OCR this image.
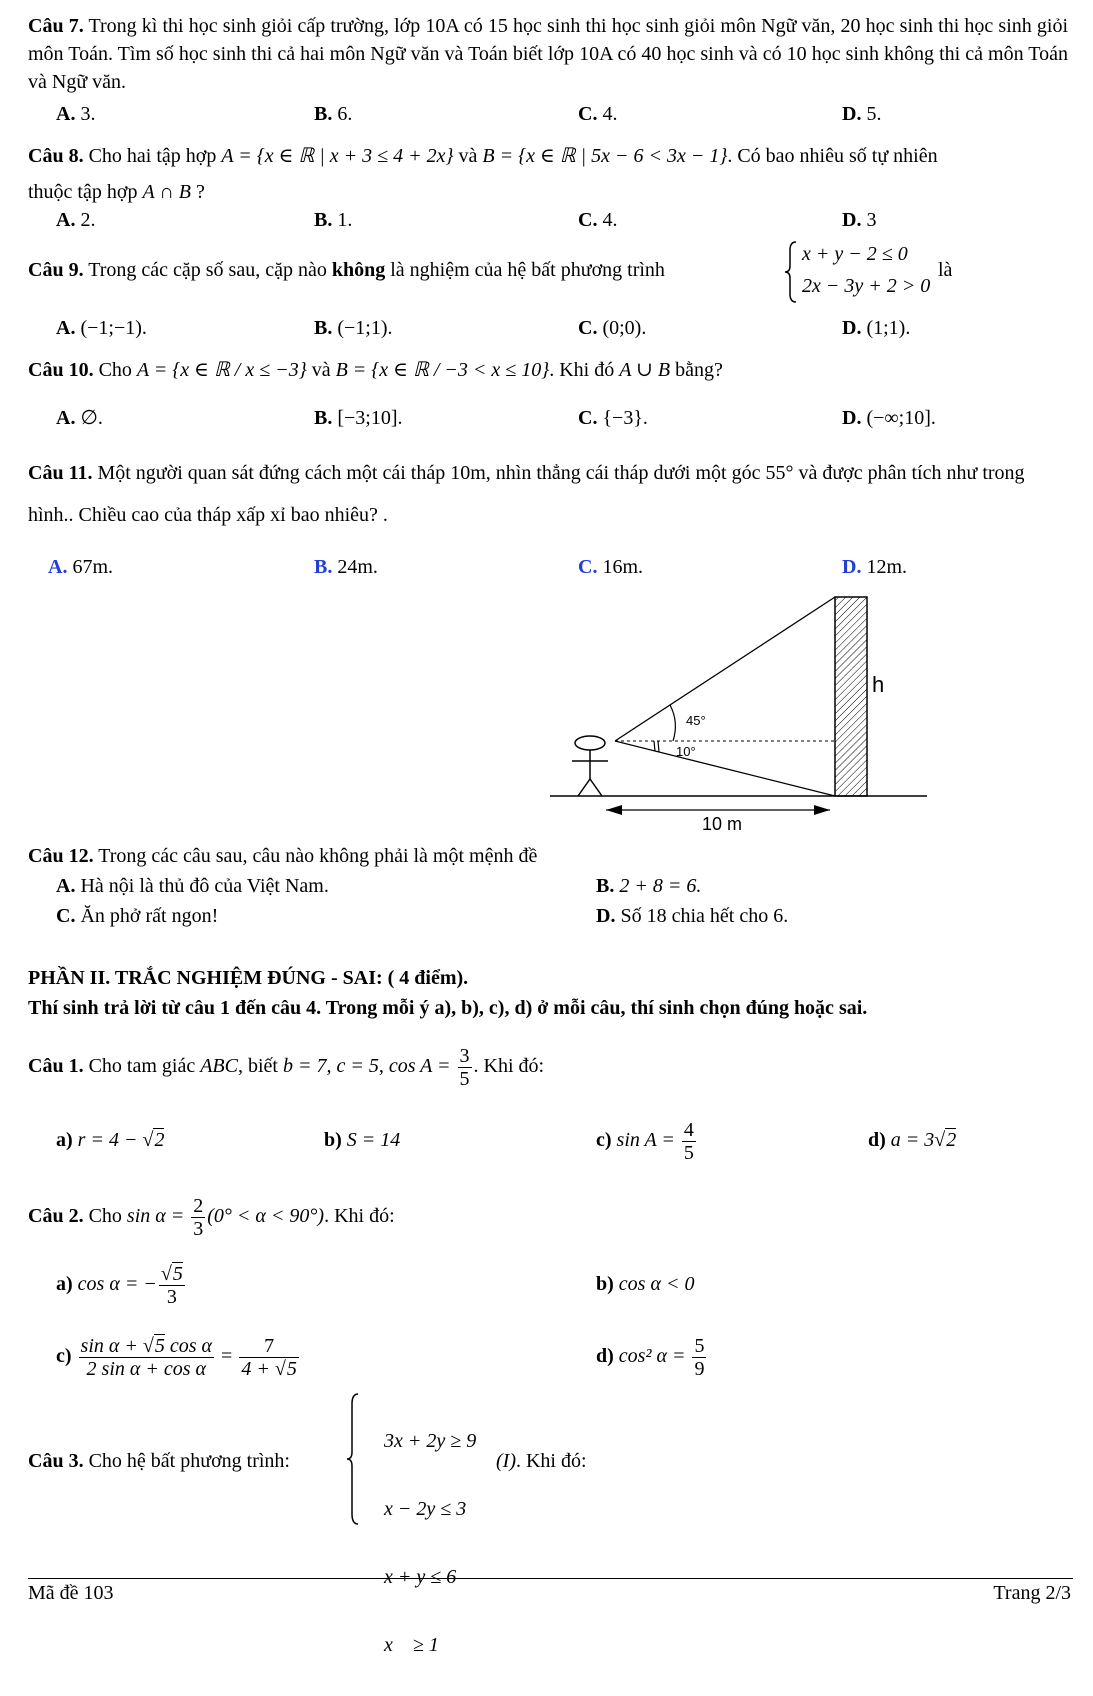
Câu 7. Trong kì thi học sinh giỏi cấp trường, lớp 10A có 15 học sinh thi học sinh giỏi môn Ngữ văn, 20 học sinh thi học sinh giỏi môn Toán. Tìm số học sinh thi cả hai môn Ngữ văn và Toán biết lớp 10A có 40 học sinh và có 10 học sinh không thi cả môn Toán và Ngữ văn.
A. 3.	B. 6.	C. 4.	D. 5.
Câu 8. Cho hai tập hợp A = {x ∈ ℝ | x + 3 ≤ 4 + 2x} và B = {x ∈ ℝ | 5x − 6 < 3x − 1}. Có bao nhiêu số tự nhiên
thuộc tập hợp A ∩ B ?
A. 2.	B. 1.	C. 4.	D. 3
Câu 9. Trong các cặp số sau, cặp nào không là nghiệm của hệ bất phương trình
x + y − 2 ≤ 0
2x − 3y + 2 > 0
là
A. (−1;−1).	B. (−1;1).	C. (0;0).	D. (1;1).
Câu 10. Cho A = {x ∈ ℝ / x ≤ −3} và B = {x ∈ ℝ / −3 < x ≤ 10}. Khi đó A ∪ B bằng?
A. ∅.	B. [−3;10].	C. {−3}.	D. (−∞;10].
Câu 11. Một người quan sát đứng cách một cái tháp 10m, nhìn thẳng cái tháp dưới một góc 55° và được phân tích như trong hình.. Chiều cao của tháp xấp xỉ bao nhiêu? .
A. 67m.	B. 24m.	C. 16m.	D. 12m.
h
45°
10°
10 m
Câu 12. Trong các câu sau, câu nào không phải là một mệnh đề
A. Hà nội là thủ đô của Việt Nam.	B. 2 + 8 = 6.
C. Ăn phở rất ngon!	D. Số 18 chia hết cho 6.
PHẦN II. TRẮC NGHIỆM ĐÚNG - SAI: ( 4 điểm).
Thí sinh trả lời từ câu 1 đến câu 4. Trong mỗi ý a), b), c), d) ở mỗi câu, thí sinh chọn đúng hoặc sai.
Câu 1. Cho tam giác ABC, biết b = 7, c = 5, $\cos A = \frac{3}{5}$ . Khi đó:
a) r = 4 − √2	b) S = 14	c) $\sin A = \frac{4}{5}$	d) a = 3√2
Câu 2. Cho $\sin \alpha = \frac{2}{3} (0^\circ < \alpha < 90^\circ)$. Khi đó:
a) cos α = − $\frac{√5}{3}$	b) cos α < 0
$c) \frac{\text{sin α + √5 cos α}}{\text{2 sin α + cos α}} = \frac{7}{4 + √5}$	d) cos² $\alpha = \frac{5}{9}$
Câu 3. Cho hệ bất phương trình:

3x + 2y ≥ 9

x − 2y ≤ 3

x + y ≤ 6

x    ≥ 1

(I). Khi đó:
Mã đề 103	Trang 2/3
